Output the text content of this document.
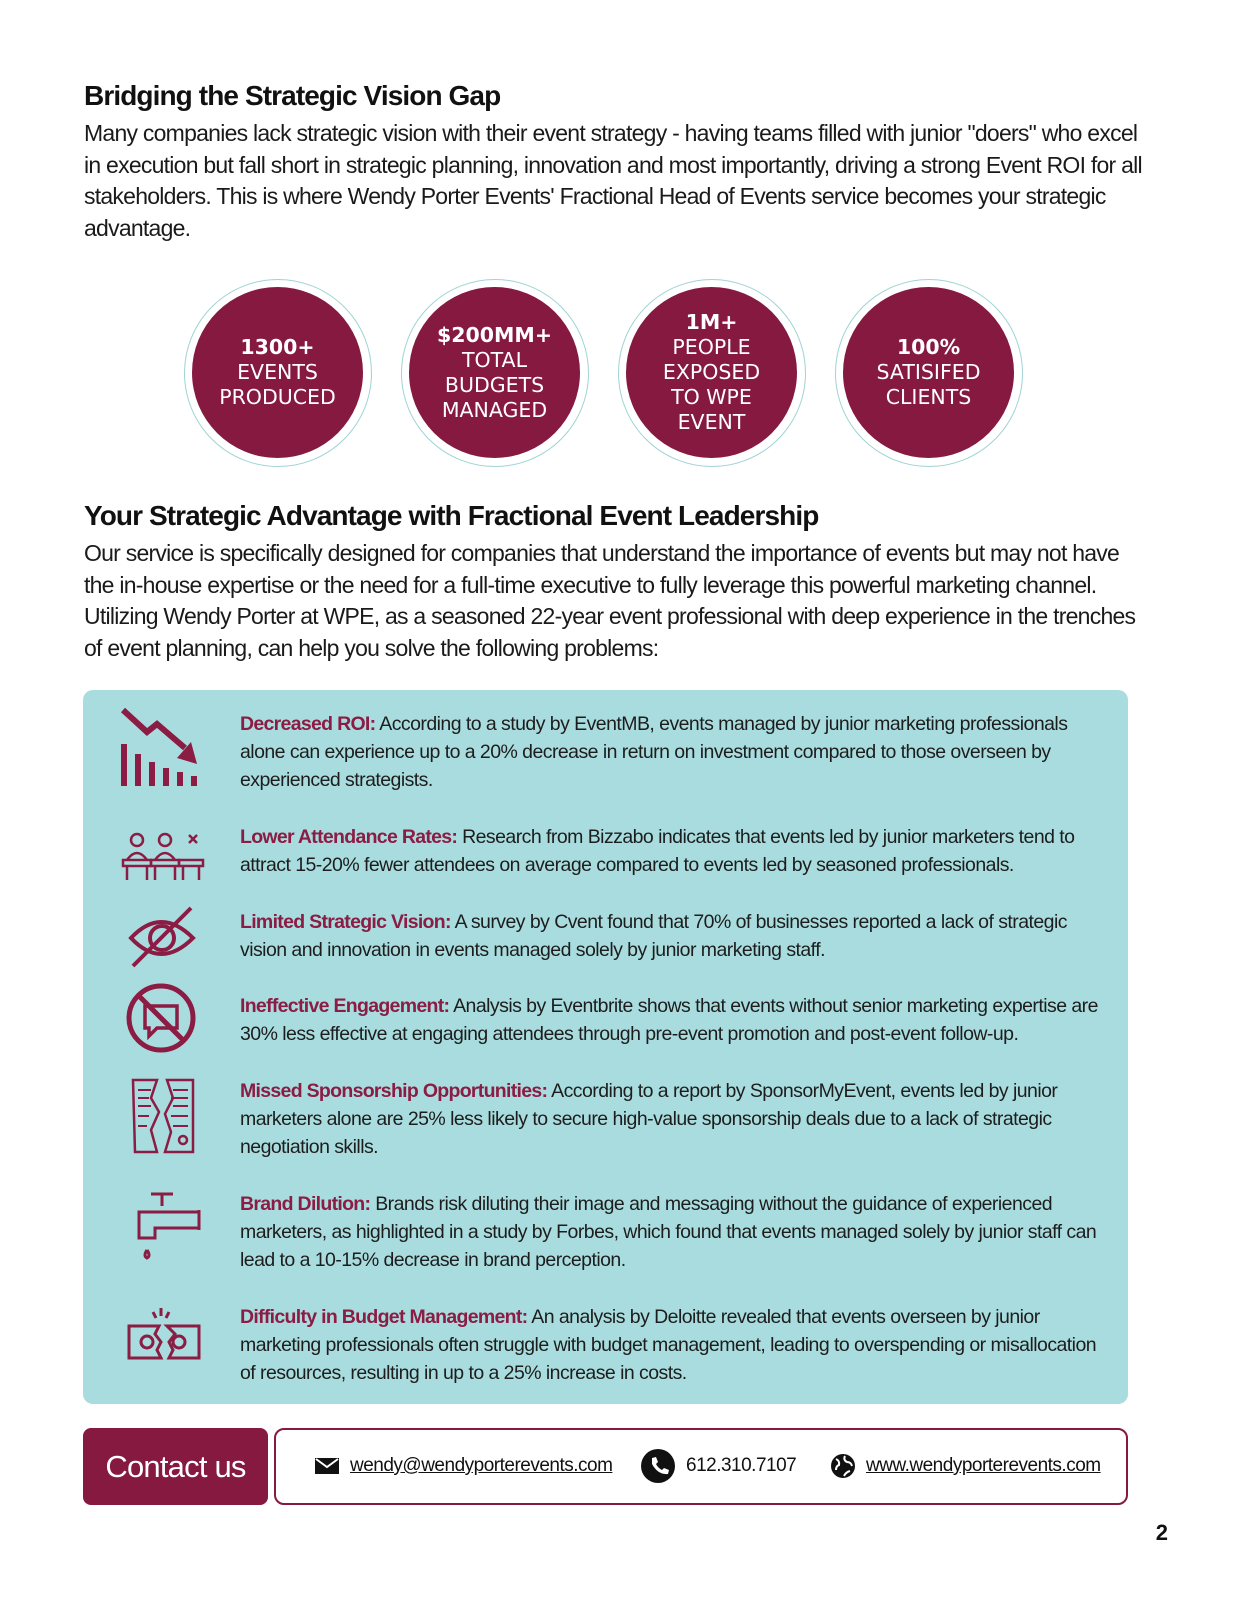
Bridging the Strategic Vision Gap

Many companies lack strategic vision with their event strategy - having teams filled with junior "doers" who excel in execution but fall short in strategic planning, innovation and most importantly, driving a strong Event ROI for all stakeholders. This is where Wendy Porter Events' Fractional Head of Events service becomes your strategic advantage.

1300+
EVENTS
PRODUCED
$200MM+
TOTAL
BUDGETS
MANAGED
1M+
PEOPLE
EXPOSED
TO WPE
EVENT
100%
SATISIFED
CLIENTS
Your Strategic Advantage with Fractional Event Leadership

Our service is specifically designed for companies that understand the importance of events but may not have the in-house expertise or the need for a full-time executive to fully leverage this powerful marketing channel. Utilizing Wendy Porter at WPE, as a seasoned 22-year event professional with deep experience in the trenches of event planning, can help you solve the following problems:

Decreased ROI: According to a study by EventMB, events managed by junior marketing professionals alone can experience up to a 20% decrease in return on investment compared to those overseen by experienced strategists.
Lower Attendance Rates: Research from Bizzabo indicates that events led by junior marketers tend to attract 15-20% fewer attendees on average compared to events led by seasoned professionals.
Limited Strategic Vision: A survey by Cvent found that 70% of businesses reported a lack of strategic vision and innovation in events managed solely by junior marketing staff.
Ineffective Engagement: Analysis by Eventbrite shows that events without senior marketing expertise are 30% less effective at engaging attendees through pre-event promotion and post-event follow-up.
Missed Sponsorship Opportunities: According to a report by SponsorMyEvent, events led by junior marketers alone are 25% less likely to secure high-value sponsorship deals due to a lack of strategic negotiation skills.
Brand Dilution: Brands risk diluting their image and messaging without the guidance of experienced marketers, as highlighted in a study by Forbes, which found that events managed solely by junior staff can lead to a 10-15% decrease in brand perception.
Difficulty in Budget Management: An analysis by Deloitte revealed that events overseen by junior marketing professionals often struggle with budget management, leading to overspending or misallocation of resources, resulting in up to a 25% increase in costs.
Contact us	wendy@wendyporterevents.com	612.310.7107	www.wendyporterevents.com
2
